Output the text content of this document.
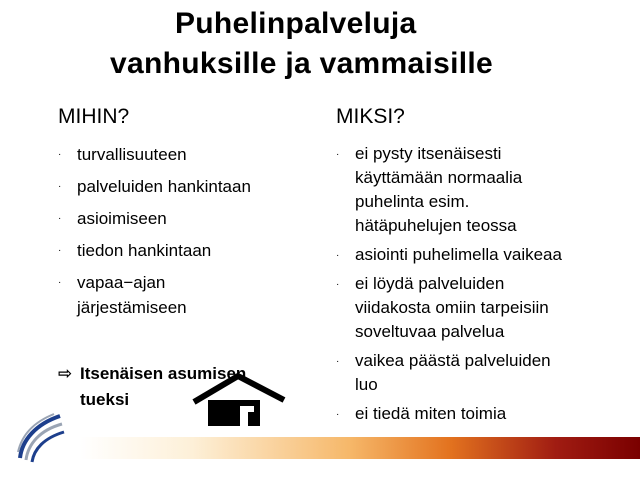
Puhelinpalveluja
vanhuksille ja vammaisille
MIHIN?	MIKSI?
· turvallisuuteen
· palveluiden hankintaan
· asioimiseen
· tiedon hankintaan
· vapaa−ajan
järjestämiseen
· ei pysty itsenäisesti
käyttämään normaalia
puhelinta esim.
hätäpuhelujen teossa
· asiointi puhelimella vaikeaa
· ei löydä palveluiden
viidakosta omiin tarpeisiin
soveltuvaa palvelua
· vaikea päästä palveluiden
luo
· ei tiedä miten toimia
⇨ Itsenäisen asumisen
tueksi
